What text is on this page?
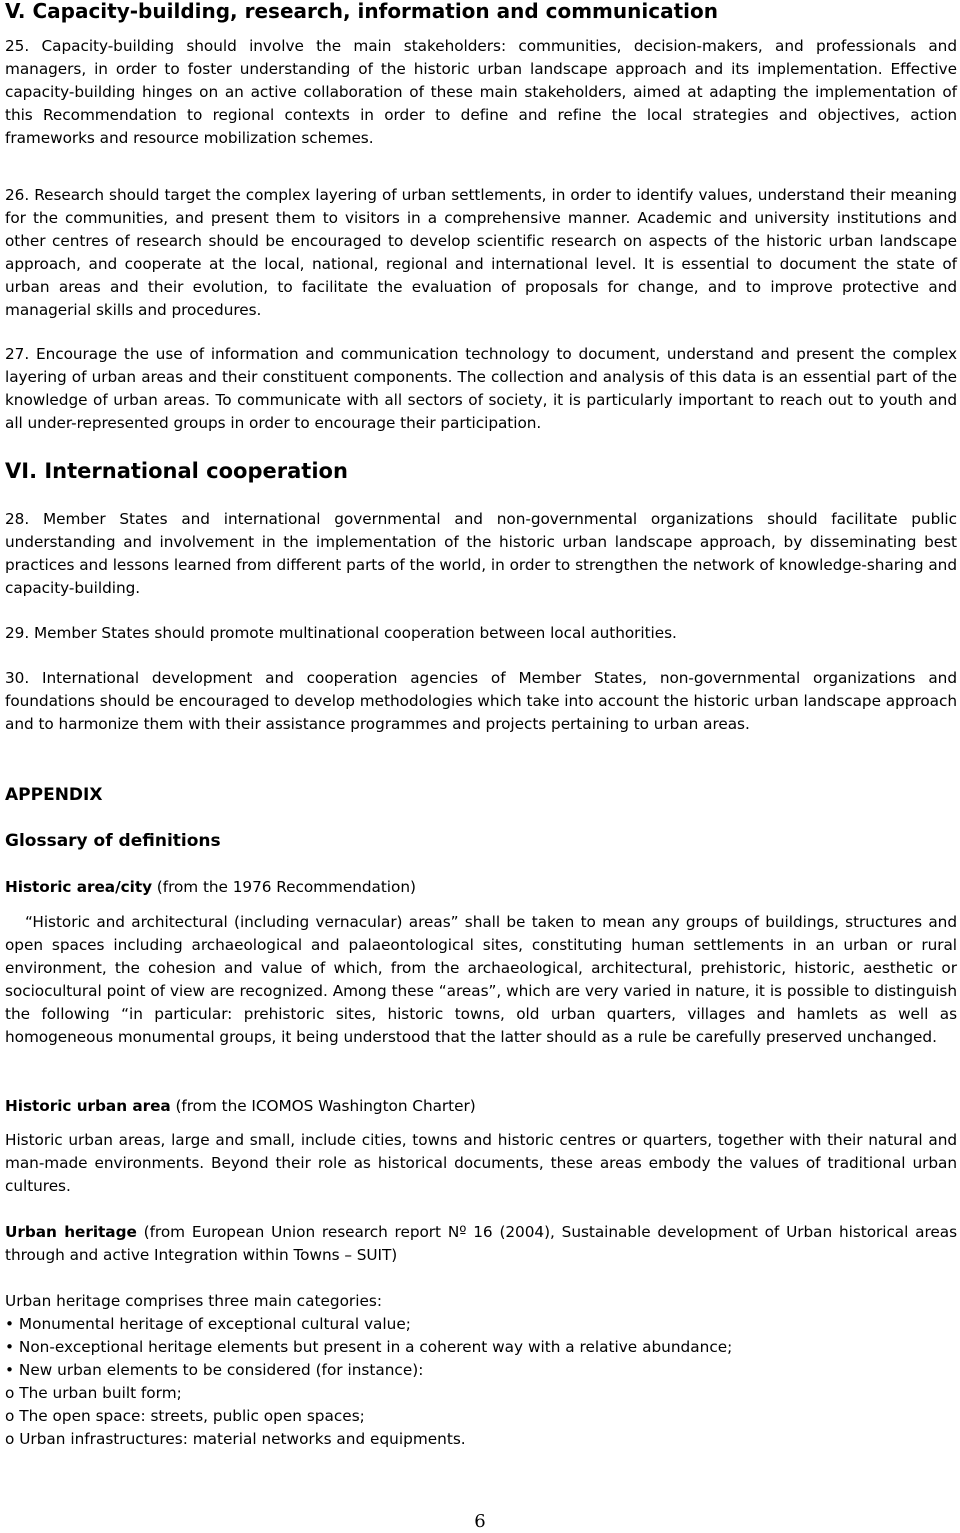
V. Capacity-building, research, information and communication

25. Capacity-building should involve the main stakeholders: communities, decision-makers, and professionals and managers, in order to foster understanding of the historic urban landscape approach and its implementation. Effective capacity-building hinges on an active collaboration of these main stakeholders, aimed at adapting the implementation of this Recommendation to regional contexts in order to define and refine the local strategies and objectives, action frameworks and resource mobilization schemes.

26. Research should target the complex layering of urban settlements, in order to identify values, understand their meaning for the communities, and present them to visitors in a comprehensive manner. Academic and university institutions and other centres of research should be encouraged to develop scientific research on aspects of the historic urban landscape approach, and cooperate at the local, national, regional and international level. It is essential to document the state of urban areas and their evolution, to facilitate the evaluation of proposals for change, and to improve protective and managerial skills and procedures.

27. Encourage the use of information and communication technology to document, understand and present the complex layering of urban areas and their constituent components. The collection and analysis of this data is an essential part of the knowledge of urban areas. To communicate with all sectors of society, it is particularly important to reach out to youth and all under-represented groups in order to encourage their participation.

VI. International cooperation

28. Member States and international governmental and non-governmental organizations should facilitate public understanding and involvement in the implementation of the historic urban landscape approach, by disseminating best practices and lessons learned from different parts of the world, in order to strengthen the network of knowledge-sharing and capacity-building.

29. Member States should promote multinational cooperation between local authorities.

30. International development and cooperation agencies of Member States, non-governmental organizations and foundations should be encouraged to develop methodologies which take into account the historic urban landscape approach and to harmonize them with their assistance programmes and projects pertaining to urban areas.

APPENDIX
Glossary of definitions

Historic area/city (from the 1976 Recommendation)

“Historic and architectural (including vernacular) areas” shall be taken to mean any groups of buildings, structures and open spaces including archaeological and palaeontological sites, constituting human settlements in an urban or rural environment, the cohesion and value of which, from the archaeological, architectural, prehistoric, historic, aesthetic or sociocultural point of view are recognized. Among these “areas”, which are very varied in nature, it is possible to distinguish the following “in particular: prehistoric sites, historic towns, old urban quarters, villages and hamlets as well as homogeneous monumental groups, it being understood that the latter should as a rule be carefully preserved unchanged.

Historic urban area (from the ICOMOS Washington Charter)

Historic urban areas, large and small, include cities, towns and historic centres or quarters, together with their natural and man-made environments. Beyond their role as historical documents, these areas embody the values of traditional urban cultures.

Urban heritage (from European Union research report Nº 16 (2004), Sustainable development of Urban historical areas through and active Integration within Towns – SUIT)

Urban heritage comprises three main categories:
• Monumental heritage of exceptional cultural value;
• Non-exceptional heritage elements but present in a coherent way with a relative abundance;
• New urban elements to be considered (for instance):
o The urban built form;
o The open space: streets, public open spaces;
o Urban infrastructures: material networks and equipments.
6
